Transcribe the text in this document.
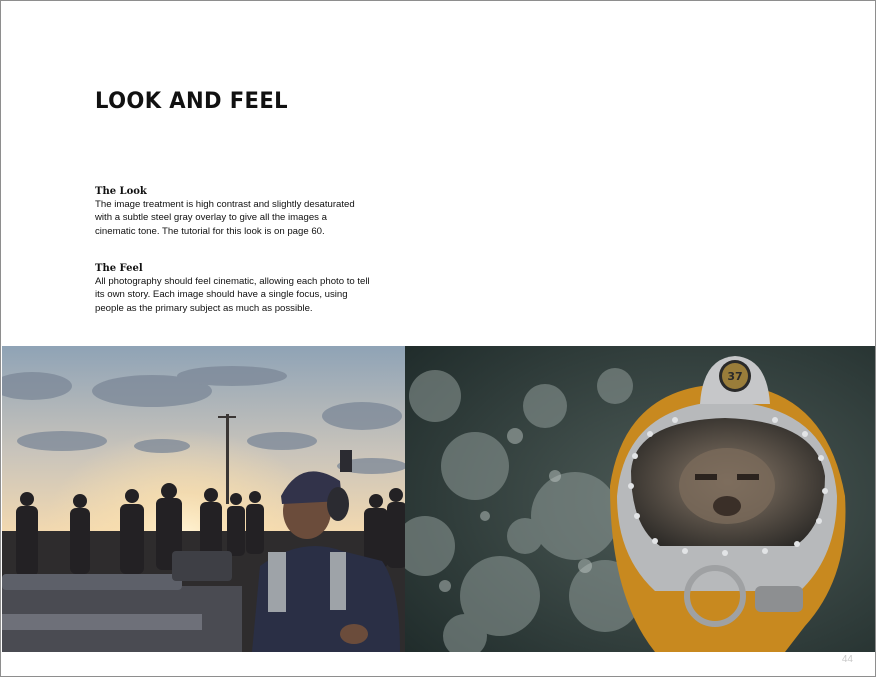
LOOK AND FEEL
The Look

The image treatment is high contrast and slightly desaturated with a subtle steel gray overlay to give all the images a cinematic tone. The tutorial for this look is on page 60.

The Feel

All photography should feel cinematic, allowing each photo to tell its own story. Each image should have a single focus, using people as the primary subject as much as possible.

37
44
